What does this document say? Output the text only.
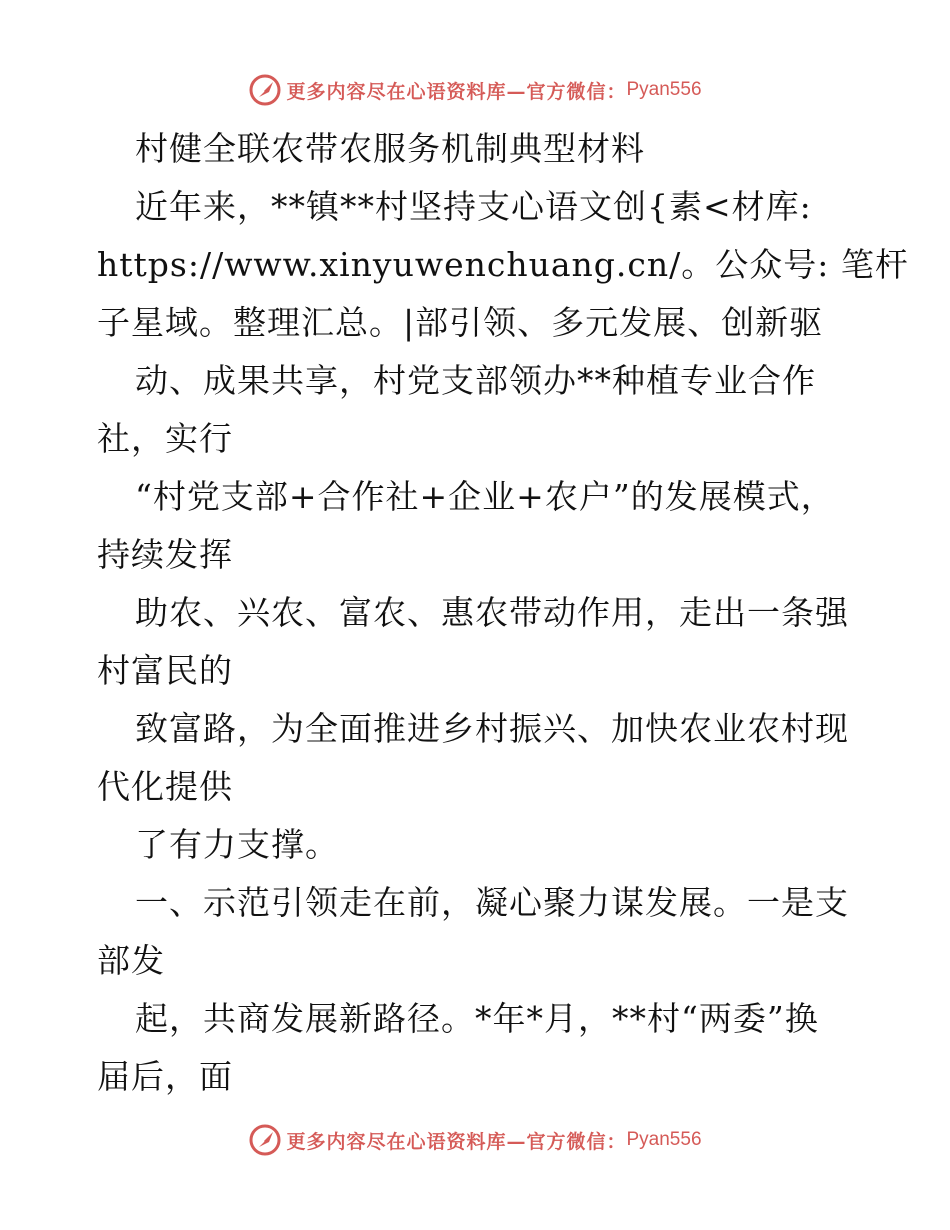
更多内容尽在心语资料库—官方微信： Pyan556
村健全联农带农服务机制典型材料
近年来，**镇**村坚持支心语文创{素<材库:
https://www.xinyuwenchuang.cn/。公众号: 笔杆
子星域。整理汇总。|部引领、多元发展、创新驱
动、成果共享，村党支部领办**种植专业合作
社，实行
“村党支部+合作社+企业+农户”的发展模式，
持续发挥
助农、兴农、富农、惠农带动作用，走出一条强
村富民的
致富路，为全面推进乡村振兴、加快农业农村现
代化提供
了有力支撑。
一、示范引领走在前，凝心聚力谋发展。一是支
部发
起，共商发展新路径。*年*月，**村“两委”换
届后，面
更多内容尽在心语资料库—官方微信： Pyan556
